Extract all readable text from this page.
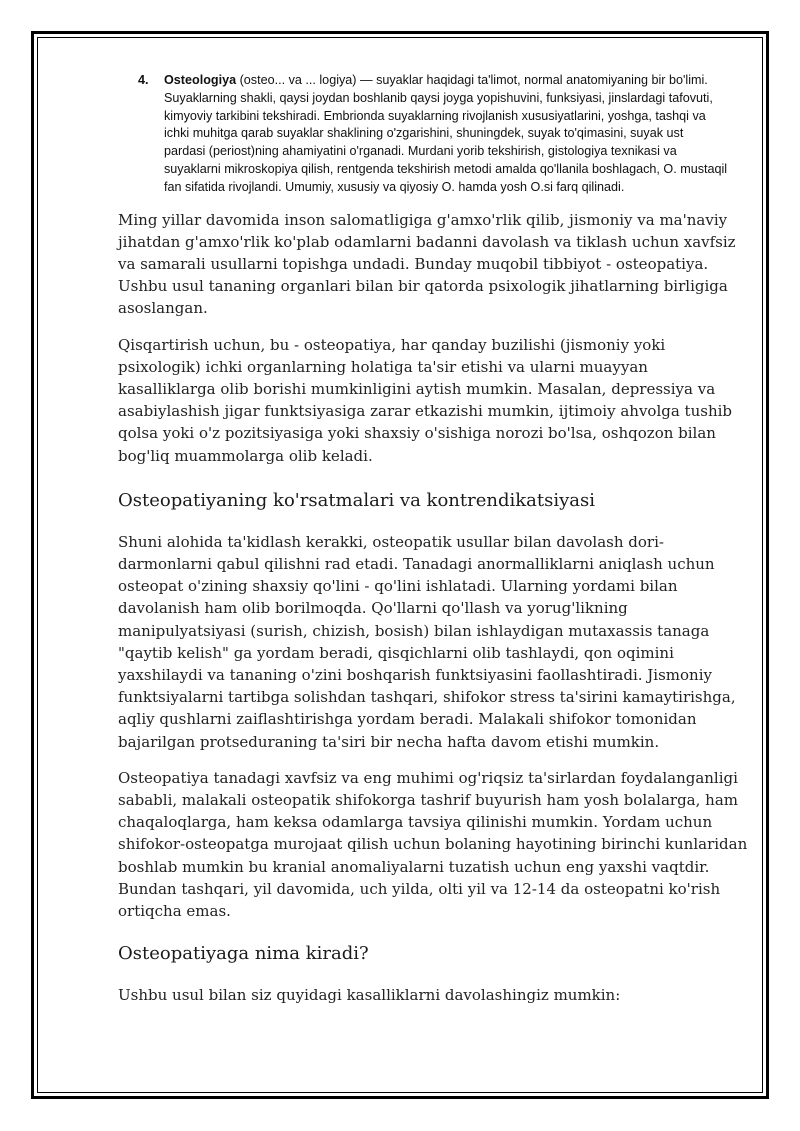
4.	Osteologiya (osteo... va ... logiya) — suyaklar haqidagi ta'limot, normal anatomiyaning bir bo'limi. Suyaklarning shakli, qaysi joydan boshlanib qaysi joyga yopishuvini, funksiyasi, jinslardagi tafovuti, kimyoviy tarkibini tekshiradi. Embrionda suyaklarning rivojlanish xususiyatlarini, yoshga, tashqi va ichki muhitga qarab suyaklar shaklining o'zgarishini, shuningdek, suyak to'qimasini, suyak ust pardasi (periost)ning ahamiyatini o'rganadi. Murdani yorib tekshirish, gistologiya texnikasi va suyaklarni mikroskopiya qilish, rentgenda tekshirish metodi amalda qo'llanila boshlagach, O. mustaqil fan sifatida rivojlandi. Umumiy, xususiy va qiyosiy O. hamda yosh O.si farq qilinadi.

Ming yillar davomida inson salomatligiga g'amxo'rlik qilib, jismoniy va ma'naviy jihatdan g'amxo'rlik ko'plab odamlarni badanni davolash va tiklash uchun xavfsiz va samarali usullarni topishga undadi. Bunday muqobil tibbiyot - osteopatiya. Ushbu usul tananing organlari bilan bir qatorda psixologik jihatlarning birligiga asoslangan.

Qisqartirish uchun, bu - osteopatiya, har qanday buzilishi (jismoniy yoki psixologik) ichki organlarning holatiga ta'sir etishi va ularni muayyan kasalliklarga olib borishi mumkinligini aytish mumkin. Masalan, depressiya va asabiylashish jigar funktsiyasiga zarar etkazishi mumkin, ijtimoiy ahvolga tushib qolsa yoki o'z pozitsiyasiga yoki shaxsiy o'sishiga norozi bo'lsa, oshqozon bilan bog'liq muammolarga olib keladi.

Osteopatiyaning ko'rsatmalari va kontrendikatsiyasi

Shuni alohida ta'kidlash kerakki, osteopatik usullar bilan davolash dori-darmonlarni qabul qilishni rad etadi. Tanadagi anormalliklarni aniqlash uchun osteopat o'zining shaxsiy qo'lini - qo'lini ishlatadi. Ularning yordami bilan davolanish ham olib borilmoqda. Qo'llarni qo'llash va yorug'likning manipulyatsiyasi (surish, chizish, bosish) bilan ishlaydigan mutaxassis tanaga "qaytib kelish" ga yordam beradi, qisqichlarni olib tashlaydi, qon oqimini yaxshilaydi va tananing o'zini boshqarish funktsiyasini faollashtiradi. Jismoniy funktsiyalarni tartibga solishdan tashqari, shifokor stress ta'sirini kamaytirishga, aqliy qushlarni zaiflashtirishga yordam beradi. Malakali shifokor tomonidan bajarilgan protseduraning ta'siri bir necha hafta davom etishi mumkin.

Osteopatiya tanadagi xavfsiz va eng muhimi og'riqsiz ta'sirlardan foydalanganligi sababli, malakali osteopatik shifokorga tashrif buyurish ham yosh bolalarga, ham chaqaloqlarga, ham keksa odamlarga tavsiya qilinishi mumkin. Yordam uchun shifokor-osteopatga murojaat qilish uchun bolaning hayotining birinchi kunlaridan boshlab mumkin bu kranial anomaliyalarni tuzatish uchun eng yaxshi vaqtdir. Bundan tashqari, yil davomida, uch yilda, olti yil va 12-14 da osteopatni ko'rish ortiqcha emas.

Osteopatiyaga nima kiradi?

Ushbu usul bilan siz quyidagi kasalliklarni davolashingiz mumkin:
